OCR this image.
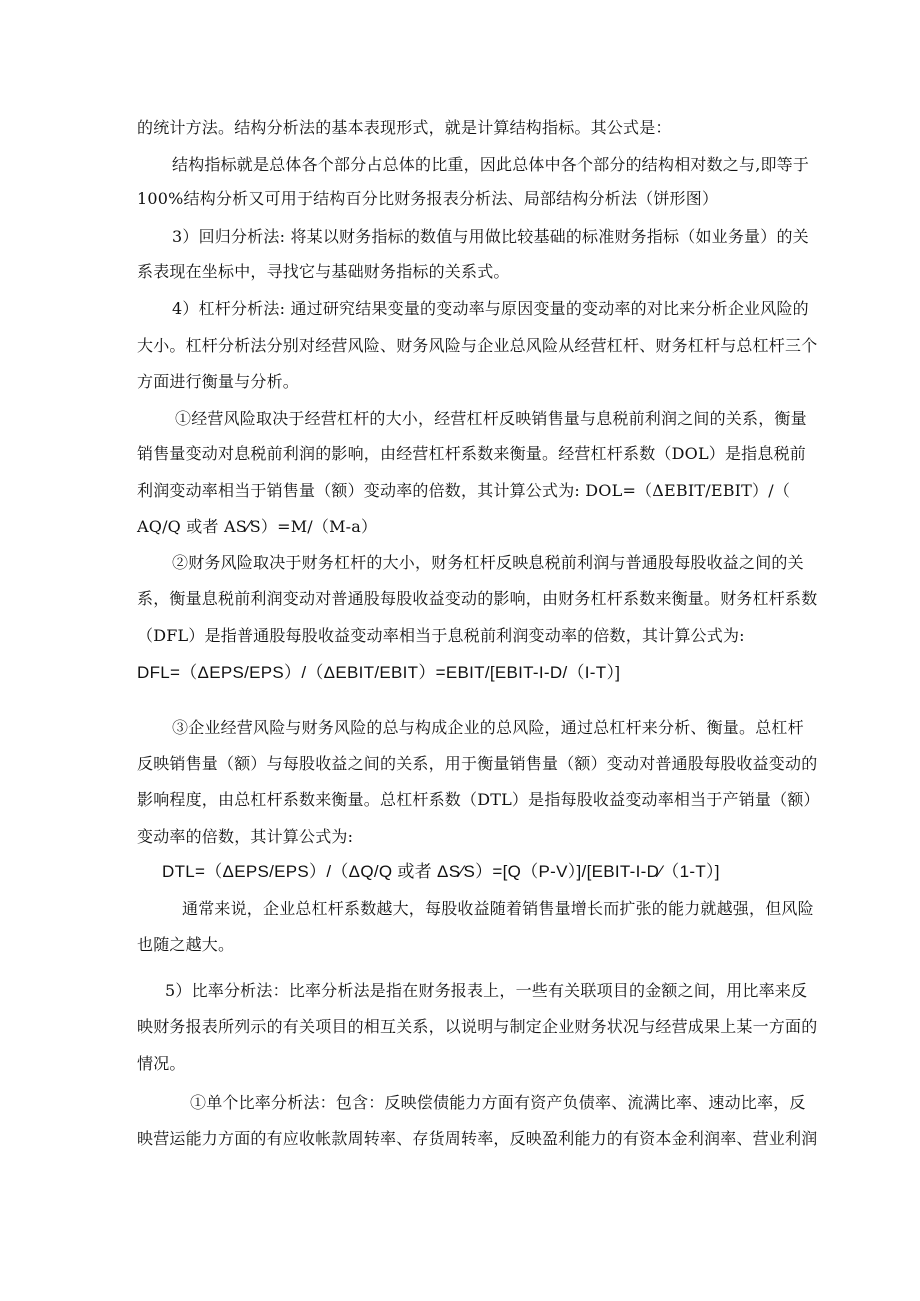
的统计方法。结构分析法的基本表现形式，就是计算结构指标。其公式是：
结构指标就是总体各个部分占总体的比重，因此总体中各个部分的结构相对数之与,即等于
100%结构分析又可用于结构百分比财务报表分析法、局部结构分析法（饼形图）
3）回归分析法: 将某以财务指标的数值与用做比较基础的标准财务指标（如业务量）的关
系表现在坐标中，寻找它与基础财务指标的关系式。
4）杠杆分析法: 通过研究结果变量的变动率与原因变量的变动率的对比来分析企业风险的
大小。杠杆分析法分别对经营风险、财务风险与企业总风险从经营杠杆、财务杠杆与总杠杆三个
方面进行衡量与分析。
①经营风险取决于经营杠杆的大小，经营杠杆反映销售量与息税前利润之间的关系，衡量
销售量变动对息税前利润的影响，由经营杠杆系数来衡量。经营杠杆系数（DOL）是指息税前
利润变动率相当于销售量（额）变动率的倍数，其计算公式为: DOL=（ΔEBIT/EBIT）/（
AQ/Q 或者 AS⁄S）=M/（M-a）
②财务风险取决于财务杠杆的大小，财务杠杆反映息税前利润与普通股每股收益之间的关
系，衡量息税前利润变动对普通股每股收益变动的影响，由财务杠杆系数来衡量。财务杠杆系数
（DFL）是指普通股每股收益变动率相当于息税前利润变动率的倍数，其计算公式为:
DFL=（ΔEPS/EPS）/（ΔEBIT/EBIT）=EBIT/[EBIT-I-D/（I-T）]
③企业经营风险与财务风险的总与构成企业的总风险，通过总杠杆来分析、衡量。总杠杆
反映销售量（额）与每股收益之间的关系，用于衡量销售量（额）变动对普通股每股收益变动的
影响程度，由总杠杆系数来衡量。总杠杆系数（DTL）是指每股收益变动率相当于产销量（额）
变动率的倍数，其计算公式为:
DTL=（ΔEPS/EPS）/（ΔQ/Q 或者 ΔS⁄S）=[Q（P-V）]/[EBIT-I-D⁄（1-T）]
通常来说，企业总杠杆系数越大，每股收益随着销售量增长而扩张的能力就越强，但风险
也随之越大。
5）比率分析法：比率分析法是指在财务报表上，一些有关联项目的金额之间，用比率来反
映财务报表所列示的有关项目的相互关系，以说明与制定企业财务状况与经营成果上某一方面的
情况。
①单个比率分析法：包含：反映偿债能力方面有资产负债率、流满比率、速动比率，反
映营运能力方面的有应收帐款周转率、存货周转率，反映盈利能力的有资本金利润率、营业利润
